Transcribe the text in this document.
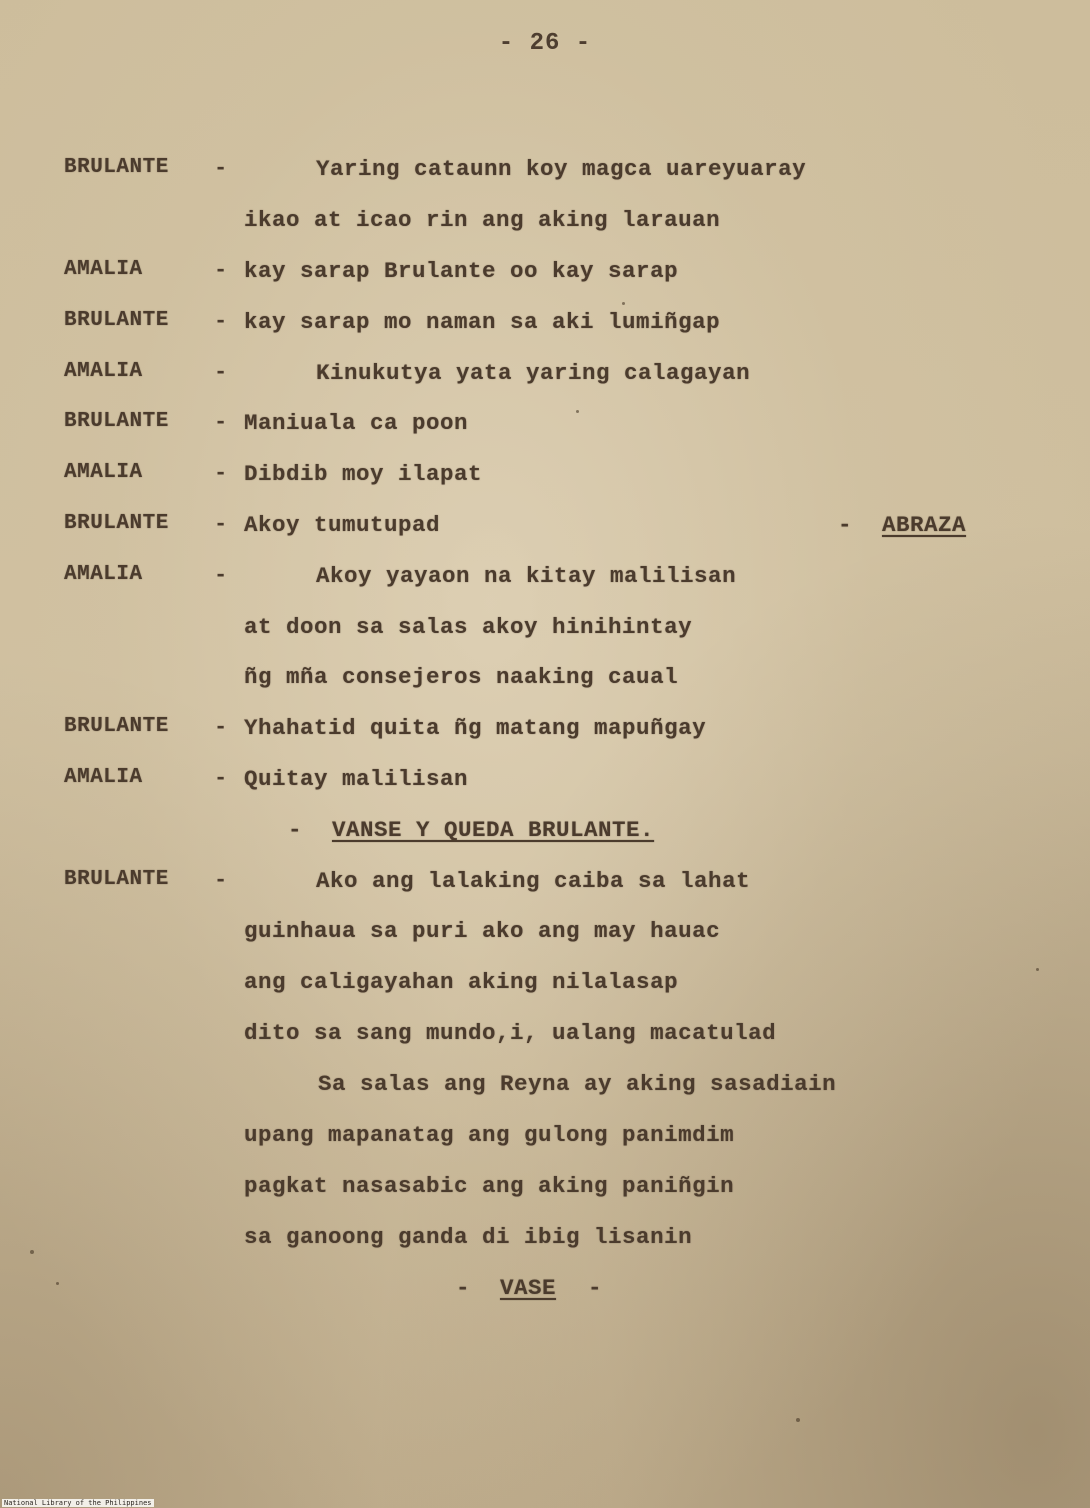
- 26 -
BRULANTE -	Yaring cataunn koy magca uareyuaray
ikao at icao rin ang aking larauan
AMALIA	- kay sarap Brulante oo kay sarap
BRULANTE - kay sarap mo naman sa aki lumiñgap
AMALIA	-	Kinukutya yata yaring calagayan
BRULANTE - Maniuala ca poon
AMALIA	- Dibdib moy ilapat
BRULANTE - Akoy tumutupad	- ABRAZA
AMALIA	-	Akoy yayaon na kitay malilisan
at doon sa salas akoy hinihintay
ñg mña consejeros naaking caual
BRULANTE - Yhahatid quita ñg matang mapuñgay
AMALIA	- Quitay malilisan
- VANSE Y QUEDA BRULANTE.
BRULANTE -	Ako ang lalaking caiba sa lahat
guinhaua sa puri ako ang may hauac
ang caligayahan aking nilalasap
dito sa sang mundo,i, ualang macatulad
Sa salas ang Reyna ay aking sasadiain
upang mapanatag ang gulong panimdim
pagkat nasasabic ang aking paniñgin
sa ganoong ganda di ibig lisanin
- VASE -
National Library of the Philippines
